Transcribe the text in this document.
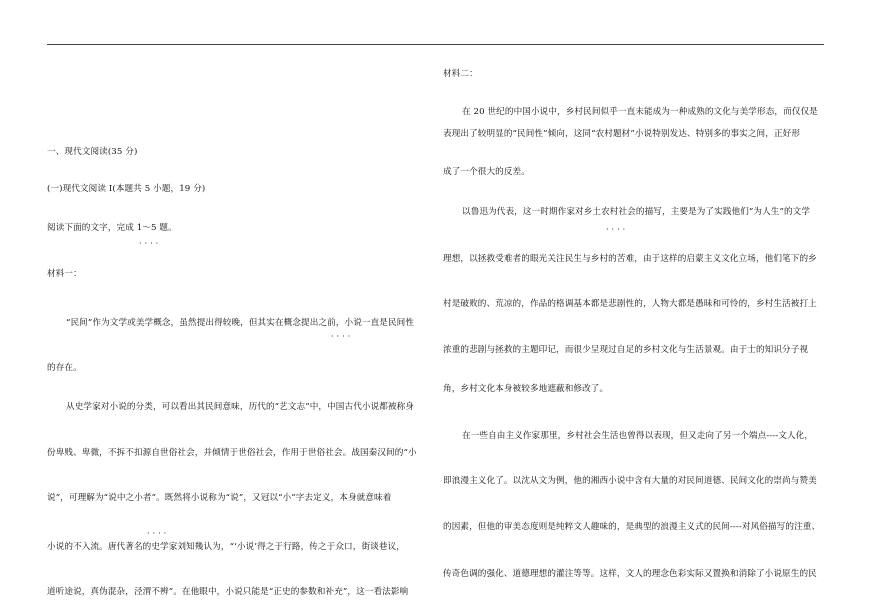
一、现代文阅读(35 分)
(一)现代文阅读 I(本题共 5 小题，19 分)
阅读下面的文字，完成 1～5 题。
····
材料一：
“民间”作为文学或美学概念，虽然提出得较晚，但其实在概念提出之前，小说一直是民间性
····
的存在。
从史学家对小说的分类，可以看出其民间意味，历代的“艺文志”中，中国古代小说都被称身
份卑贱、卑微，不拆不扣源自世俗社会，并倾情于世俗社会，作用于世俗社会。战国秦汉间的“小
说”，可理解为“说中之小者”。既然将小说称为“说”，又冠以“小”字去定义，本身就意味着
····
小说的不入流。唐代著名的史学家刘知幾认为，“‘小说’得之于行路，传之于众口，街谈巷议，
道听途说，真伪混杂，泾渭不辨”。在他眼中，小说只能是“正史的参数和补充”，这一看法影响
材料二：
在 20 世纪的中国小说中，乡村民间似乎一直未能成为一种成熟的文化与美学形态，而仅仅是
表现出了较明显的“民间性”倾向，这同“农村题材”小说特别发达、特别多的事实之间，正好形
成了一个很大的反差。
以鲁迅为代表，这一时期作家对乡土农村社会的描写，主要是为了实践他们“为人生”的文学
····
理想，以拯救受难者的眼光关注民生与乡村的苦难，由于这样的启蒙主义文化立场，他们笔下的乡
村是破败的、荒凉的，作品的格调基本都是悲剧性的，人物大都是愚昧和可怜的，乡村生活被打上
浓重的悲剧与拯救的主题印记，而很少呈现过自足的乡村文化与生活景观。由于士的知识分子视
角，乡村文化本身被较多地遮蔽和修改了。
在一些自由主义作家那里，乡村社会生活也曾得以表现，但又走向了另一个端点----文人化，
即浪漫主义化了。以沈从文为例，他的湘西小说中含有大量的对民间道德、民间文化的崇尚与赞美
的因素，但他的审美态度则是纯粹文人趣味的，是典型的浪漫主义式的民间----对风俗描写的注重、
传奇色调的强化、道德理想的灌注等等。这样，文人的理念色彩实际又置换和消除了小说原生的民
